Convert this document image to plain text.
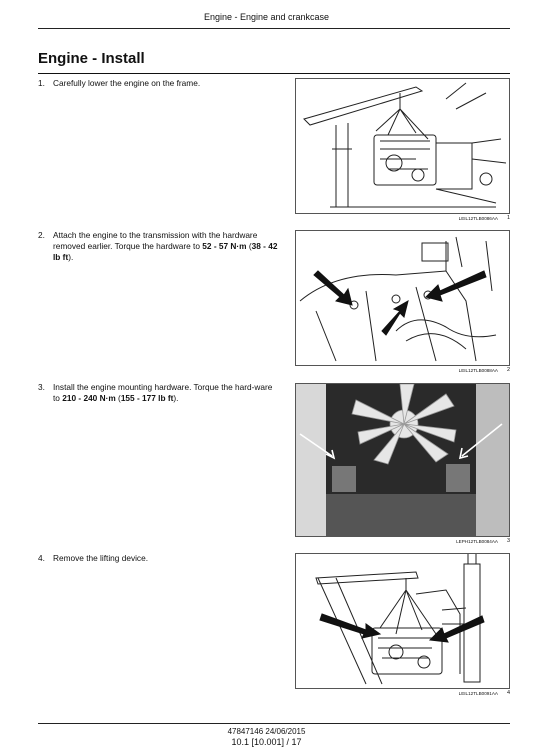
Engine - Engine and crankcase
Engine - Install
1. Carefully lower the engine on the frame.
2. Attach the engine to the transmission with the hardware removed earlier. Torque the hardware to 52 - 57 N·m (38 - 42 lb ft).
3. Install the engine mounting hardware. Torque the hard-ware to 210 - 240 N·m (155 - 177 lb ft).
4. Remove the lifting device.
LEIL12TLB0086AA 1
LEIL12TLB0088AA 2
LEPH12TLB0084AA 3
LEIL12TLB0091AA 4
47847146 24/06/2015
10.1 [10.001] / 17
